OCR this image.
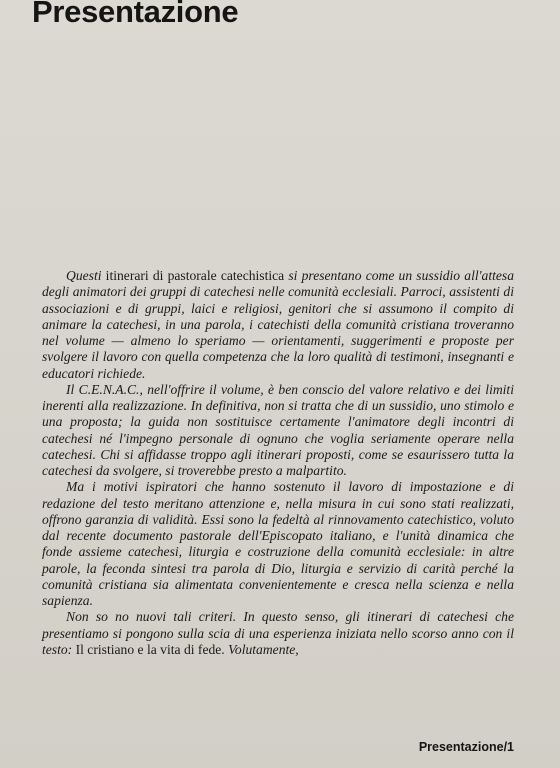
Presentazione

Questi itinerari di pastorale catechistica si presentano come un sussidio all'attesa degli animatori dei gruppi di catechesi nelle comunità ecclesiali. Parroci, assistenti di associazioni e di gruppi, laici e religiosi, genitori che si assumono il compito di animare la catechesi, in una parola, i catechisti della comunità cristiana troveranno nel volume — almeno lo speriamo — orientamenti, suggerimenti e proposte per svolgere il lavoro con quella competenza che la loro qualità di testimoni, insegnanti e educatori richiede.

Il C.E.N.A.C., nell'offrire il volume, è ben conscio del valore relativo e dei limiti inerenti alla realizzazione. In definitiva, non si tratta che di un sussidio, uno stimolo e una proposta; la guida non sostituisce certamente l'animatore degli incontri di catechesi né l'impegno personale di ognuno che voglia seriamente operare nella catechesi. Chi si affidasse troppo agli itinerari proposti, come se esaurissero tutta la catechesi da svolgere, si troverebbe presto a malpartito.

Ma i motivi ispiratori che hanno sostenuto il lavoro di impostazione e di redazione del testo meritano attenzione e, nella misura in cui sono stati realizzati, offrono garanzia di validità. Essi sono la fedeltà al rinnovamento catechistico, voluto dal recente documento pastorale dell'Episcopato italiano, e l'unità dinamica che fonde assieme catechesi, liturgia e costruzione della comunità ecclesiale: in altre parole, la feconda sintesi tra parola di Dio, liturgia e servizio di carità perché la comunità cristiana sia alimentata convenientemente e cresca nella scienza e nella sapienza.

Non so no nuovi tali criteri. In questo senso, gli itinerari di catechesi che presentiamo si pongono sulla scia di una esperienza iniziata nello scorso anno con il testo: Il cristiano e la vita di fede. Volutamente,

Presentazione/1
